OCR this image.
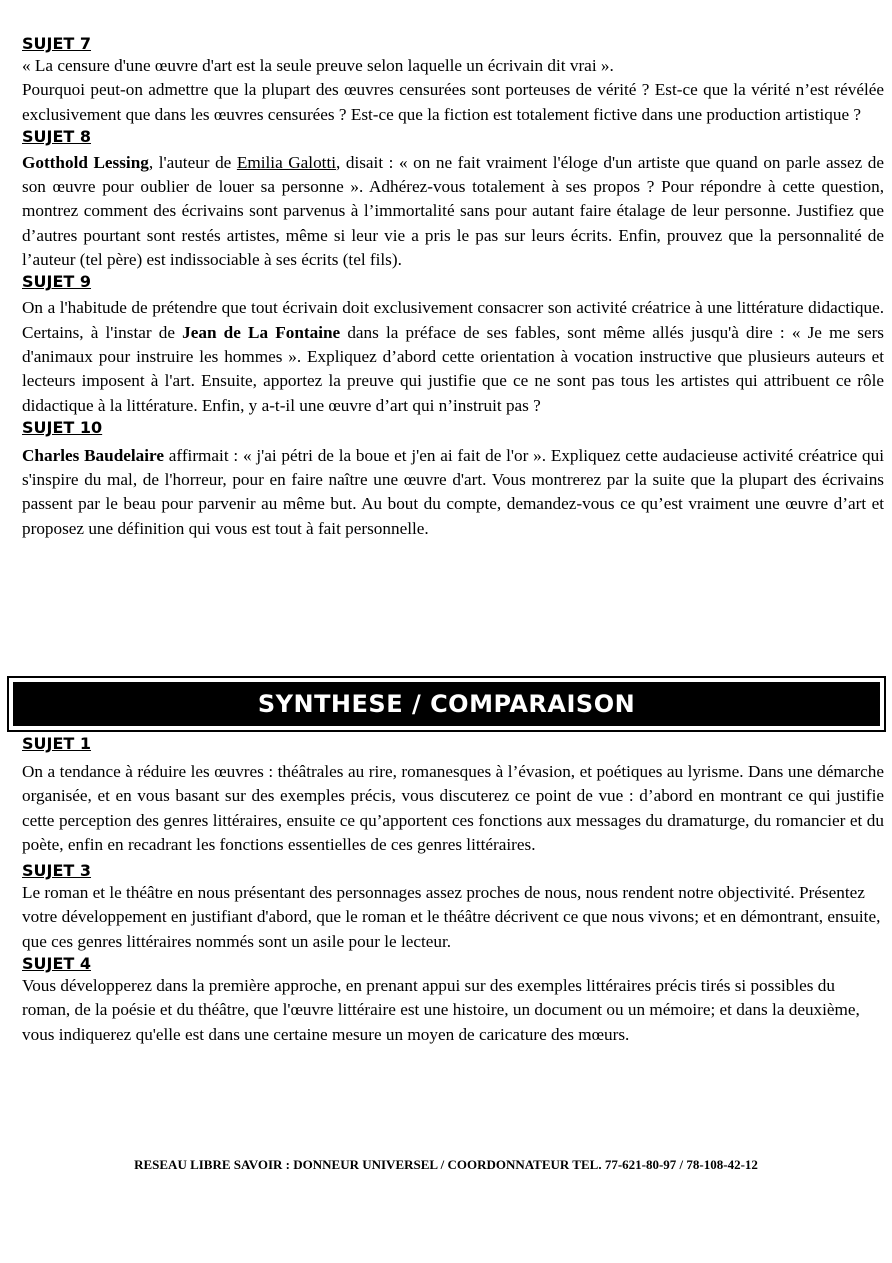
SUJET 7

« La censure d'une œuvre d'art est la seule preuve selon laquelle un écrivain dit vrai ».

Pourquoi peut-on admettre que la plupart des œuvres censurées sont porteuses de vérité ? Est-ce que la vérité n’est révélée exclusivement que dans les œuvres censurées ? Est-ce que la fiction est totalement fictive dans une production artistique ?

SUJET 8

Gotthold Lessing, l'auteur de Emilia Galotti, disait : « on ne fait vraiment l'éloge d'un artiste que quand on parle assez de son œuvre pour oublier de louer sa personne ». Adhérez-vous totalement à ses propos ? Pour répondre à cette question, montrez comment des écrivains sont parvenus à l’immortalité sans pour autant faire étalage de leur personne. Justifiez que d’autres pourtant sont restés artistes, même si leur vie a pris le pas sur leurs écrits. Enfin, prouvez que la personnalité de l’auteur (tel père) est indissociable à ses écrits (tel fils).

SUJET 9

On a l'habitude de prétendre que tout écrivain doit exclusivement consacrer son activité créatrice à une littérature didactique. Certains, à l'instar de Jean de La Fontaine dans la préface de ses fables, sont même allés jusqu'à dire : « Je me sers d'animaux pour instruire les hommes ». Expliquez d’abord cette orientation à vocation instructive que plusieurs auteurs et lecteurs imposent à l'art. Ensuite, apportez la preuve qui justifie que ce ne sont pas tous les artistes qui attribuent ce rôle didactique à la littérature. Enfin, y a-t-il une œuvre d’art qui n’instruit pas ?

SUJET 10

Charles Baudelaire affirmait : « j'ai pétri de la boue et j'en ai fait de l'or ». Expliquez cette audacieuse activité créatrice qui s'inspire du mal, de l'horreur, pour en faire naître une œuvre d'art. Vous montrerez par la suite que la plupart des écrivains passent par le beau pour parvenir au même but. Au bout du compte, demandez-vous ce qu’est vraiment une œuvre d’art et proposez une définition qui vous est tout à fait personnelle.

SYNTHESE / COMPARAISON
SUJET 1

On a tendance à réduire les œuvres : théâtrales au rire, romanesques à l’évasion, et poétiques au lyrisme. Dans une démarche organisée, et en vous basant sur des exemples précis, vous discuterez ce point de vue : d’abord en montrant ce qui justifie cette perception des genres littéraires, ensuite ce qu’apportent ces fonctions aux messages du dramaturge, du romancier et du poète, enfin en recadrant les fonctions essentielles de ces genres littéraires.

SUJET 3

Le roman et le théâtre en nous présentant des personnages assez proches de nous, nous rendent notre objectivité. Présentez votre développement en justifiant d'abord, que le roman et le théâtre décrivent ce que nous vivons; et en démontrant, ensuite, que ces genres littéraires nommés sont un asile pour le lecteur.

SUJET 4

Vous développerez dans la première approche, en prenant appui sur des exemples littéraires précis tirés si possibles du roman, de la poésie et du théâtre, que l'œuvre littéraire est une histoire, un document ou un mémoire; et dans la deuxième, vous indiquerez qu'elle est dans une certaine mesure un moyen de caricature des mœurs.

RESEAU LIBRE SAVOIR : DONNEUR UNIVERSEL / COORDONNATEUR TEL. 77-621-80-97 / 78-108-42-12
